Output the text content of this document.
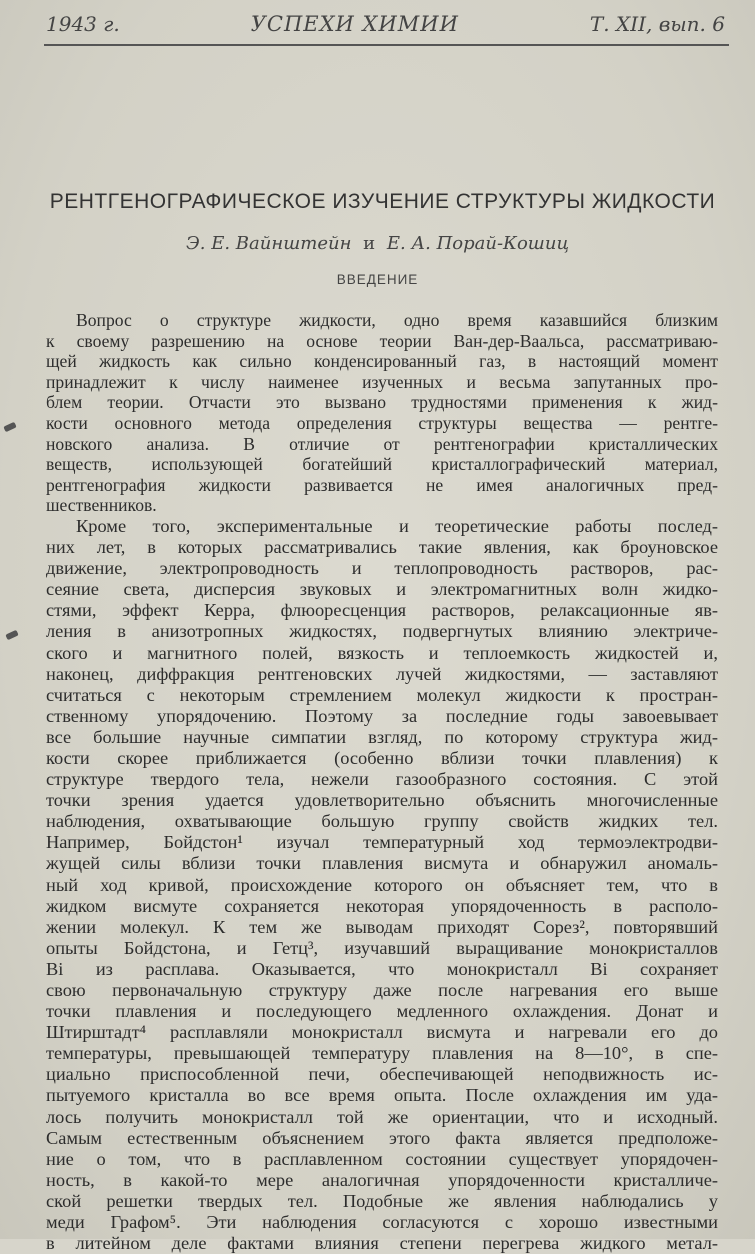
1943 г.	УСПЕХИ ХИМИИ	Т. XII, вып. 6
РЕНТГЕНОГРАФИЧЕСКОЕ ИЗУЧЕНИЕ СТРУКТУРЫ ЖИДКОСТИ
Э. Е. Вайнштейн и Е. А. Порай-Кошиц
ВВЕДЕНИЕ
Вопрос о структуре жидкости, одно время казавшийся близким
к своему разрешению на основе теории Ван-дер-Ваальса, рассматриваю-
щей жидкость как сильно конденсированный газ, в настоящий момент
принадлежит к числу наименее изученных и весьма запутанных про-
блем теории. Отчасти это вызвано трудностями применения к жид-
кости основного метода определения структуры вещества — рентге-
новского анализа. В отличие от рентгенографии кристаллических
веществ, использующей богатейший кристаллографический материал,
рентгенография жидкости развивается не имея аналогичных пред-
шественников.
Кроме того, экспериментальные и теоретические работы послед-
них лет, в которых рассматривались такие явления, как броуновское
движение, электропроводность и теплопроводность растворов, рас-
сеяние света, дисперсия звуковых и электромагнитных волн жидко-
стями, эффект Керра, флюоресценция растворов, релаксационные яв-
ления в анизотропных жидкостях, подвергнутых влиянию электриче-
ского и магнитного полей, вязкость и теплоемкость жидкостей и,
наконец, диффракция рентгеновских лучей жидкостями, — заставляют
считаться с некоторым стремлением молекул жидкости к простран-
ственному упорядочению. Поэтому за последние годы завоевывает
все большие научные симпатии взгляд, по которому структура жид-
кости скорее приближается (особенно вблизи точки плавления) к
структуре твердого тела, нежели газообразного состояния. С этой
точки зрения удается удовлетворительно объяснить многочисленные
наблюдения, охватывающие большую группу свойств жидких тел.
Например, Бойдстон¹ изучал температурный ход термоэлектродви-
жущей силы вблизи точки плавления висмута и обнаружил аномаль-
ный ход кривой, происхождение которого он объясняет тем, что в
жидком висмуте сохраняется некоторая упорядоченность в располо-
жении молекул. К тем же выводам приходят Сорез², повторявший
опыты Бойдстона, и Гетц³, изучавший выращивание монокристаллов
Bi из расплава. Оказывается, что монокристалл Bi сохраняет
свою первоначальную структуру даже после нагревания его выше
точки плавления и последующего медленного охлаждения. Донат и
Штирштадт⁴ расплавляли монокристалл висмута и нагревали его до
температуры, превышающей температуру плавления на 8—10°, в спе-
циально приспособленной печи, обеспечивающей неподвижность ис-
пытуемого кристалла во все время опыта. После охлаждения им уда-
лось получить монокристалл той же ориентации, что и исходный.
Самым естественным объяснением этого факта является предположе-
ние о том, что в расплавленном состоянии существует упорядочен-
ность, в какой-то мере аналогичная упорядоченности кристалличе-
ской решетки твердых тел. Подобные же явления наблюдались у
меди Графом⁵. Эти наблюдения согласуются с хорошо известными
в литейном деле фактами влияния степени перегрева жидкого метал-
